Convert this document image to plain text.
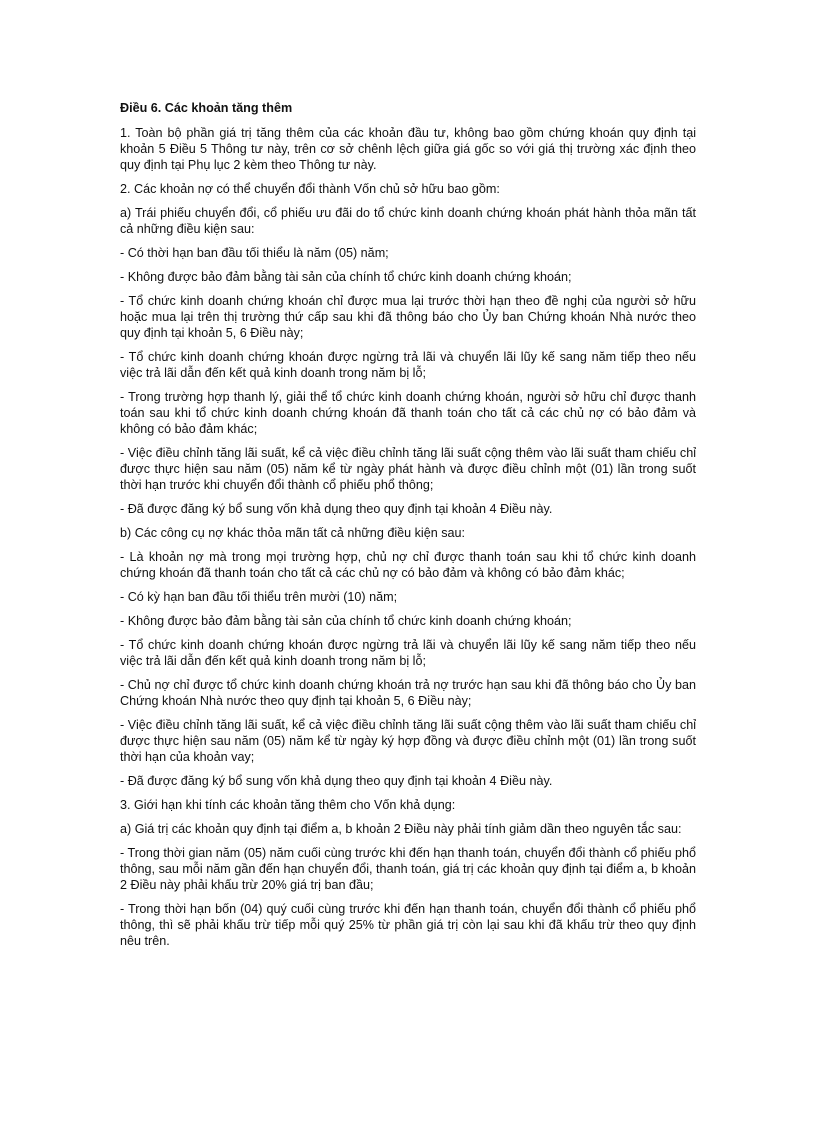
Điều 6. Các khoản tăng thêm

1. Toàn bộ phần giá trị tăng thêm của các khoản đầu tư, không bao gồm chứng khoán quy định tại khoản 5 Điều 5 Thông tư này, trên cơ sở chênh lệch giữa giá gốc so với giá thị trường xác định theo quy định tại Phụ lục 2 kèm theo Thông tư này.

2. Các khoản nợ có thể chuyển đổi thành Vốn chủ sở hữu bao gồm:

a) Trái phiếu chuyển đổi, cổ phiếu ưu đãi do tổ chức kinh doanh chứng khoán phát hành thỏa mãn tất cả những điều kiện sau:

- Có thời hạn ban đầu tối thiểu là năm (05) năm;

- Không được bảo đảm bằng tài sản của chính tổ chức kinh doanh chứng khoán;

- Tổ chức kinh doanh chứng khoán chỉ được mua lại trước thời hạn theo đề nghị của người sở hữu hoặc mua lại trên thị trường thứ cấp sau khi đã thông báo cho Ủy ban Chứng khoán Nhà nước theo quy định tại khoản 5, 6 Điều này;

- Tổ chức kinh doanh chứng khoán được ngừng trả lãi và chuyển lãi lũy kế sang năm tiếp theo nếu việc trả lãi dẫn đến kết quả kinh doanh trong năm bị lỗ;

- Trong trường hợp thanh lý, giải thể tổ chức kinh doanh chứng khoán, người sở hữu chỉ được thanh toán sau khi tổ chức kinh doanh chứng khoán đã thanh toán cho tất cả các chủ nợ có bảo đảm và không có bảo đảm khác;

- Việc điều chỉnh tăng lãi suất, kể cả việc điều chỉnh tăng lãi suất cộng thêm vào lãi suất tham chiếu chỉ được thực hiện sau năm (05) năm kể từ ngày phát hành và được điều chỉnh một (01) lần trong suốt thời hạn trước khi chuyển đổi thành cổ phiếu phổ thông;

- Đã được đăng ký bổ sung vốn khả dụng theo quy định tại khoản 4 Điều này.

b) Các công cụ nợ khác thỏa mãn tất cả những điều kiện sau:

- Là khoản nợ mà trong mọi trường hợp, chủ nợ chỉ được thanh toán sau khi tổ chức kinh doanh chứng khoán đã thanh toán cho tất cả các chủ nợ có bảo đảm và không có bảo đảm khác;

- Có kỳ hạn ban đầu tối thiểu trên mười (10) năm;

- Không được bảo đảm bằng tài sản của chính tổ chức kinh doanh chứng khoán;

- Tổ chức kinh doanh chứng khoán được ngừng trả lãi và chuyển lãi lũy kế sang năm tiếp theo nếu việc trả lãi dẫn đến kết quả kinh doanh trong năm bị lỗ;

- Chủ nợ chỉ được tổ chức kinh doanh chứng khoán trả nợ trước hạn sau khi đã thông báo cho Ủy ban Chứng khoán Nhà nước theo quy định tại khoản 5, 6 Điều này;

- Việc điều chỉnh tăng lãi suất, kể cả việc điều chỉnh tăng lãi suất cộng thêm vào lãi suất tham chiếu chỉ được thực hiện sau năm (05) năm kể từ ngày ký hợp đồng và được điều chỉnh một (01) lần trong suốt thời hạn của khoản vay;

- Đã được đăng ký bổ sung vốn khả dụng theo quy định tại khoản 4 Điều này.

3. Giới hạn khi tính các khoản tăng thêm cho Vốn khả dụng:

a) Giá trị các khoản quy định tại điểm a, b khoản 2 Điều này phải tính giảm dần theo nguyên tắc sau:

- Trong thời gian năm (05) năm cuối cùng trước khi đến hạn thanh toán, chuyển đổi thành cổ phiếu phổ thông, sau mỗi năm gần đến hạn chuyển đổi, thanh toán, giá trị các khoản quy định tại điểm a, b khoản 2 Điều này phải khấu trừ 20% giá trị ban đầu;

- Trong thời hạn bốn (04) quý cuối cùng trước khi đến hạn thanh toán, chuyển đổi thành cổ phiếu phổ thông, thì sẽ phải khấu trừ tiếp mỗi quý 25% từ phần giá trị còn lại sau khi đã khấu trừ theo quy định nêu trên.
